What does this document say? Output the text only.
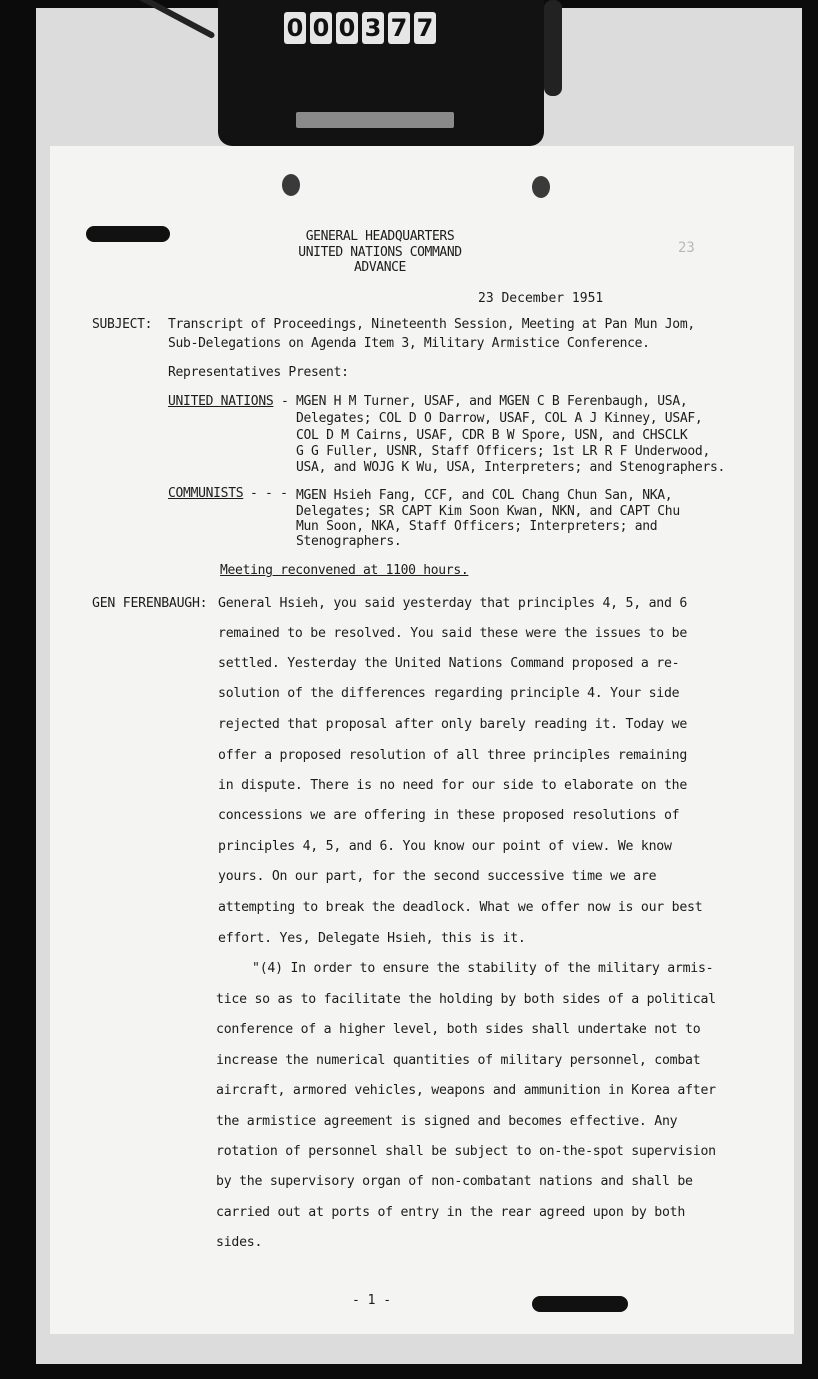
0 0 0 3 7 7
GENERAL HEADQUARTERS
UNITED NATIONS COMMAND
ADVANCE
23
23 December 1951
SUBJECT: Transcript of Proceedings, Nineteenth Session, Meeting at Pan Mun Jom,
Sub-Delegations on Agenda Item 3, Military Armistice Conference.
Representatives Present:
UNITED NATIONS - MGEN H M Turner, USAF, and MGEN C B Ferenbaugh, USA,
Delegates; COL D O Darrow, USAF, COL A J Kinney, USAF,
COL D M Cairns, USAF, CDR B W Spore, USN, and CHSCLK
G G Fuller, USNR, Staff Officers; 1st LR R F Underwood,
USA, and WOJG K Wu, USA, Interpreters; and Stenographers.
COMMUNISTS - - - MGEN Hsieh Fang, CCF, and COL Chang Chun San, NKA,
Delegates; SR CAPT Kim Soon Kwan, NKN, and CAPT Chu
Mun Soon, NKA, Staff Officers; Interpreters; and
Stenographers.
Meeting reconvened at 1100 hours.
GEN FERENBAUGH: General Hsieh, you said yesterday that principles 4, 5, and 6
remained to be resolved. You said these were the issues to be
settled. Yesterday the United Nations Command proposed a re-
solution of the differences regarding principle 4. Your side
rejected that proposal after only barely reading it. Today we
offer a proposed resolution of all three principles remaining
in dispute. There is no need for our side to elaborate on the
concessions we are offering in these proposed resolutions of
principles 4, 5, and 6. You know our point of view. We know
yours. On our part, for the second successive time we are
attempting to break the deadlock. What we offer now is our best
effort. Yes, Delegate Hsieh, this is it.
"(4) In order to ensure the stability of the military armis-
tice so as to facilitate the holding by both sides of a political
conference of a higher level, both sides shall undertake not to
increase the numerical quantities of military personnel, combat
aircraft, armored vehicles, weapons and ammunition in Korea after
the armistice agreement is signed and becomes effective. Any
rotation of personnel shall be subject to on-the-spot supervision
by the supervisory organ of non-combatant nations and shall be
carried out at ports of entry in the rear agreed upon by both
sides.
- 1 -
